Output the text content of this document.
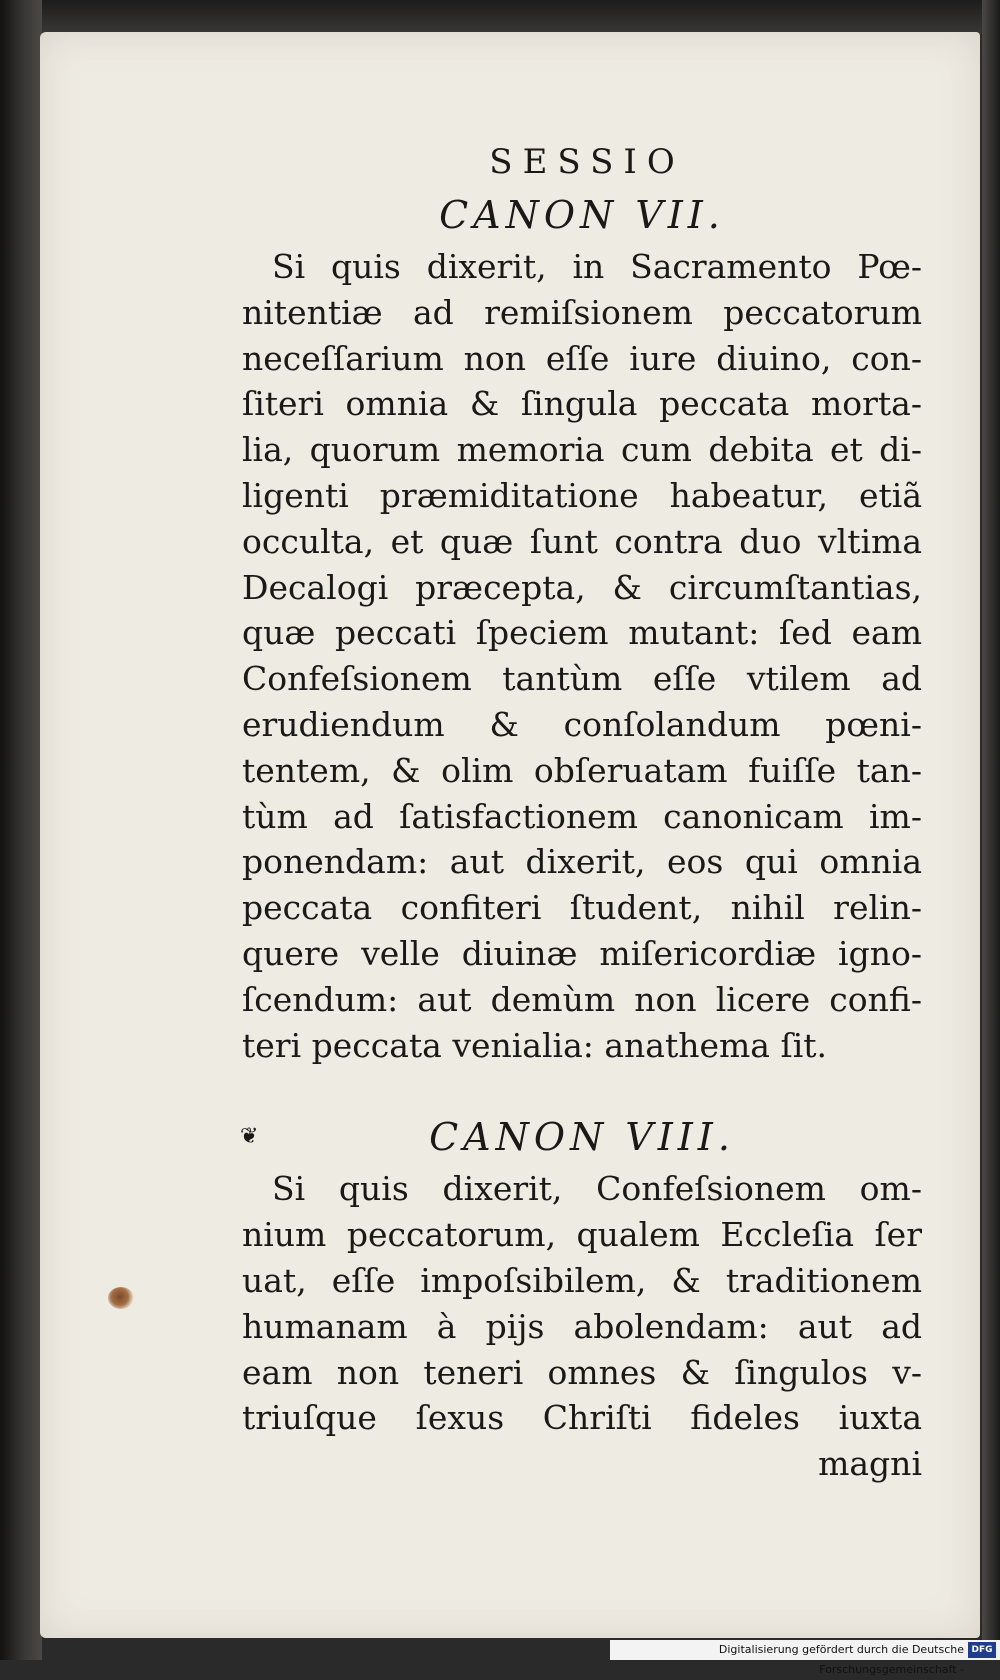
SESSIO
CANON VII.
Si quis dixerit, in Sacramento Pœ-
nitentiæ ad remiſsionem peccatorum
neceſſarium non eſſe iure diuino, con-
ſiteri omnia & ſingula peccata morta-
lia, quorum memoria cum debita et di-
ligenti præmiditatione habeatur, etiã
occulta, et quæ ſunt contra duo vltima
Decalogi præcepta, & circumſtantias,
quæ peccati ſpeciem mutant: ſed eam
Confeſsionem tantùm eſſe vtilem ad
erudiendum & conſolandum pœni-
tentem, & olim obſeruatam fuiſſe tan-
tùm ad ſatisfactionem canonicam im-
ponendam: aut dixerit, eos qui omnia
peccata confiteri ſtudent, nihil relin-
quere velle diuinæ miſericordiæ igno-
ſcendum: aut demùm non licere confi-
teri peccata venialia: anathema ſit.
❦	CANON VIII.
Si quis dixerit, Confeſsionem om-
nium peccatorum, qualem Eccleſia ſer
uat, eſſe impoſsibilem, & traditionem
humanam à pijs abolendam: aut ad
eam non teneri omnes & ſingulos v-
triuſque ſexus Chriſti fideles iuxta
magni
Digitalisierung gefördert durch die Deutsche Forschungsgemeinschaft -
DFG
